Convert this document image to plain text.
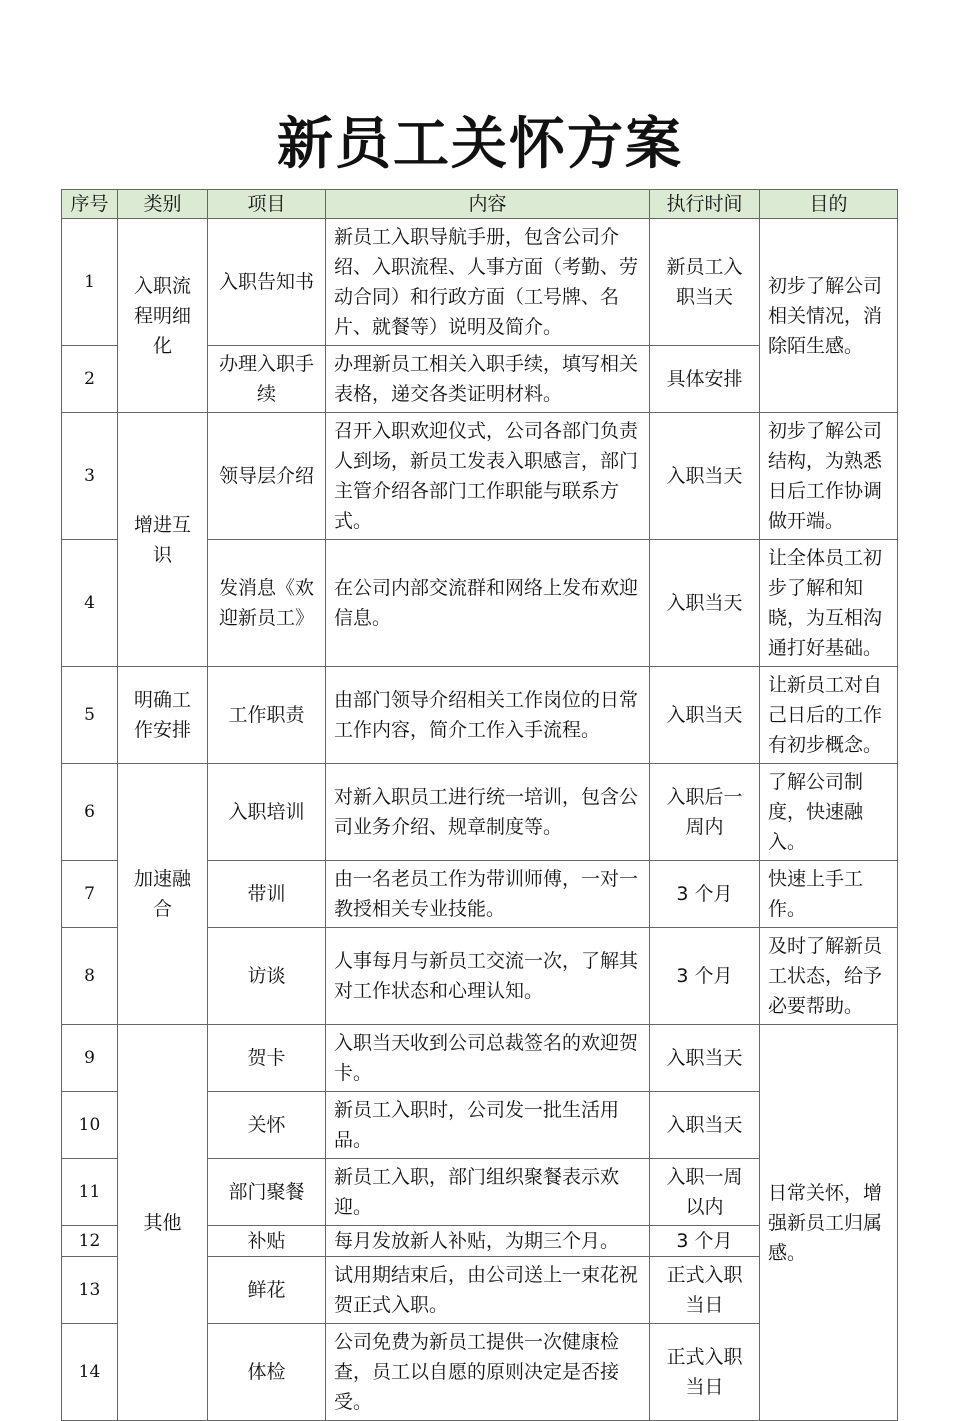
新员工关怀方案
序号	类别	项目	内容	执行时间	目的
1	入职流程明细化	入职告知书	新员工入职导航手册，包含公司介绍、入职流程、人事方面（考勤、劳动合同）和行政方面（工号牌、名片、就餐等）说明及简介。	新员工入职当天	初步了解公司相关情况，消除陌生感。
2		办理入职手续	办理新员工相关入职手续，填写相关表格，递交各类证明材料。	具体安排	
3	增进互识	领导层介绍	召开入职欢迎仪式，公司各部门负责人到场，新员工发表入职感言，部门主管介绍各部门工作职能与联系方式。	入职当天	初步了解公司结构，为熟悉日后工作协调做开端。
4		发消息《欢迎新员工》	在公司内部交流群和网络上发布欢迎信息。	入职当天	让全体员工初步了解和知晓，为互相沟通打好基础。
5	明确工作安排	工作职责	由部门领导介绍相关工作岗位的日常工作内容，简介工作入手流程。	入职当天	让新员工对自己日后的工作有初步概念。
6	加速融合	入职培训	对新入职员工进行统一培训，包含公司业务介绍、规章制度等。	入职后一周内	了解公司制度，快速融入。
7		带训	由一名老员工作为带训师傅，一对一教授相关专业技能。	3 个月	快速上手工作。
8		访谈	人事每月与新员工交流一次，了解其对工作状态和心理认知。	3 个月	及时了解新员工状态，给予必要帮助。
9	其他	贺卡	入职当天收到公司总裁签名的欢迎贺卡。	入职当天	日常关怀，增强新员工归属感。
10		关怀	新员工入职时，公司发一批生活用品。	入职当天	
11		部门聚餐	新员工入职，部门组织聚餐表示欢迎。	入职一周以内	
12		补贴	每月发放新人补贴，为期三个月。	3 个月	
13		鲜花	试用期结束后，由公司送上一束花祝贺正式入职。	正式入职当日	
14		体检	公司免费为新员工提供一次健康检查，员工以自愿的原则决定是否接受。	正式入职当日	
